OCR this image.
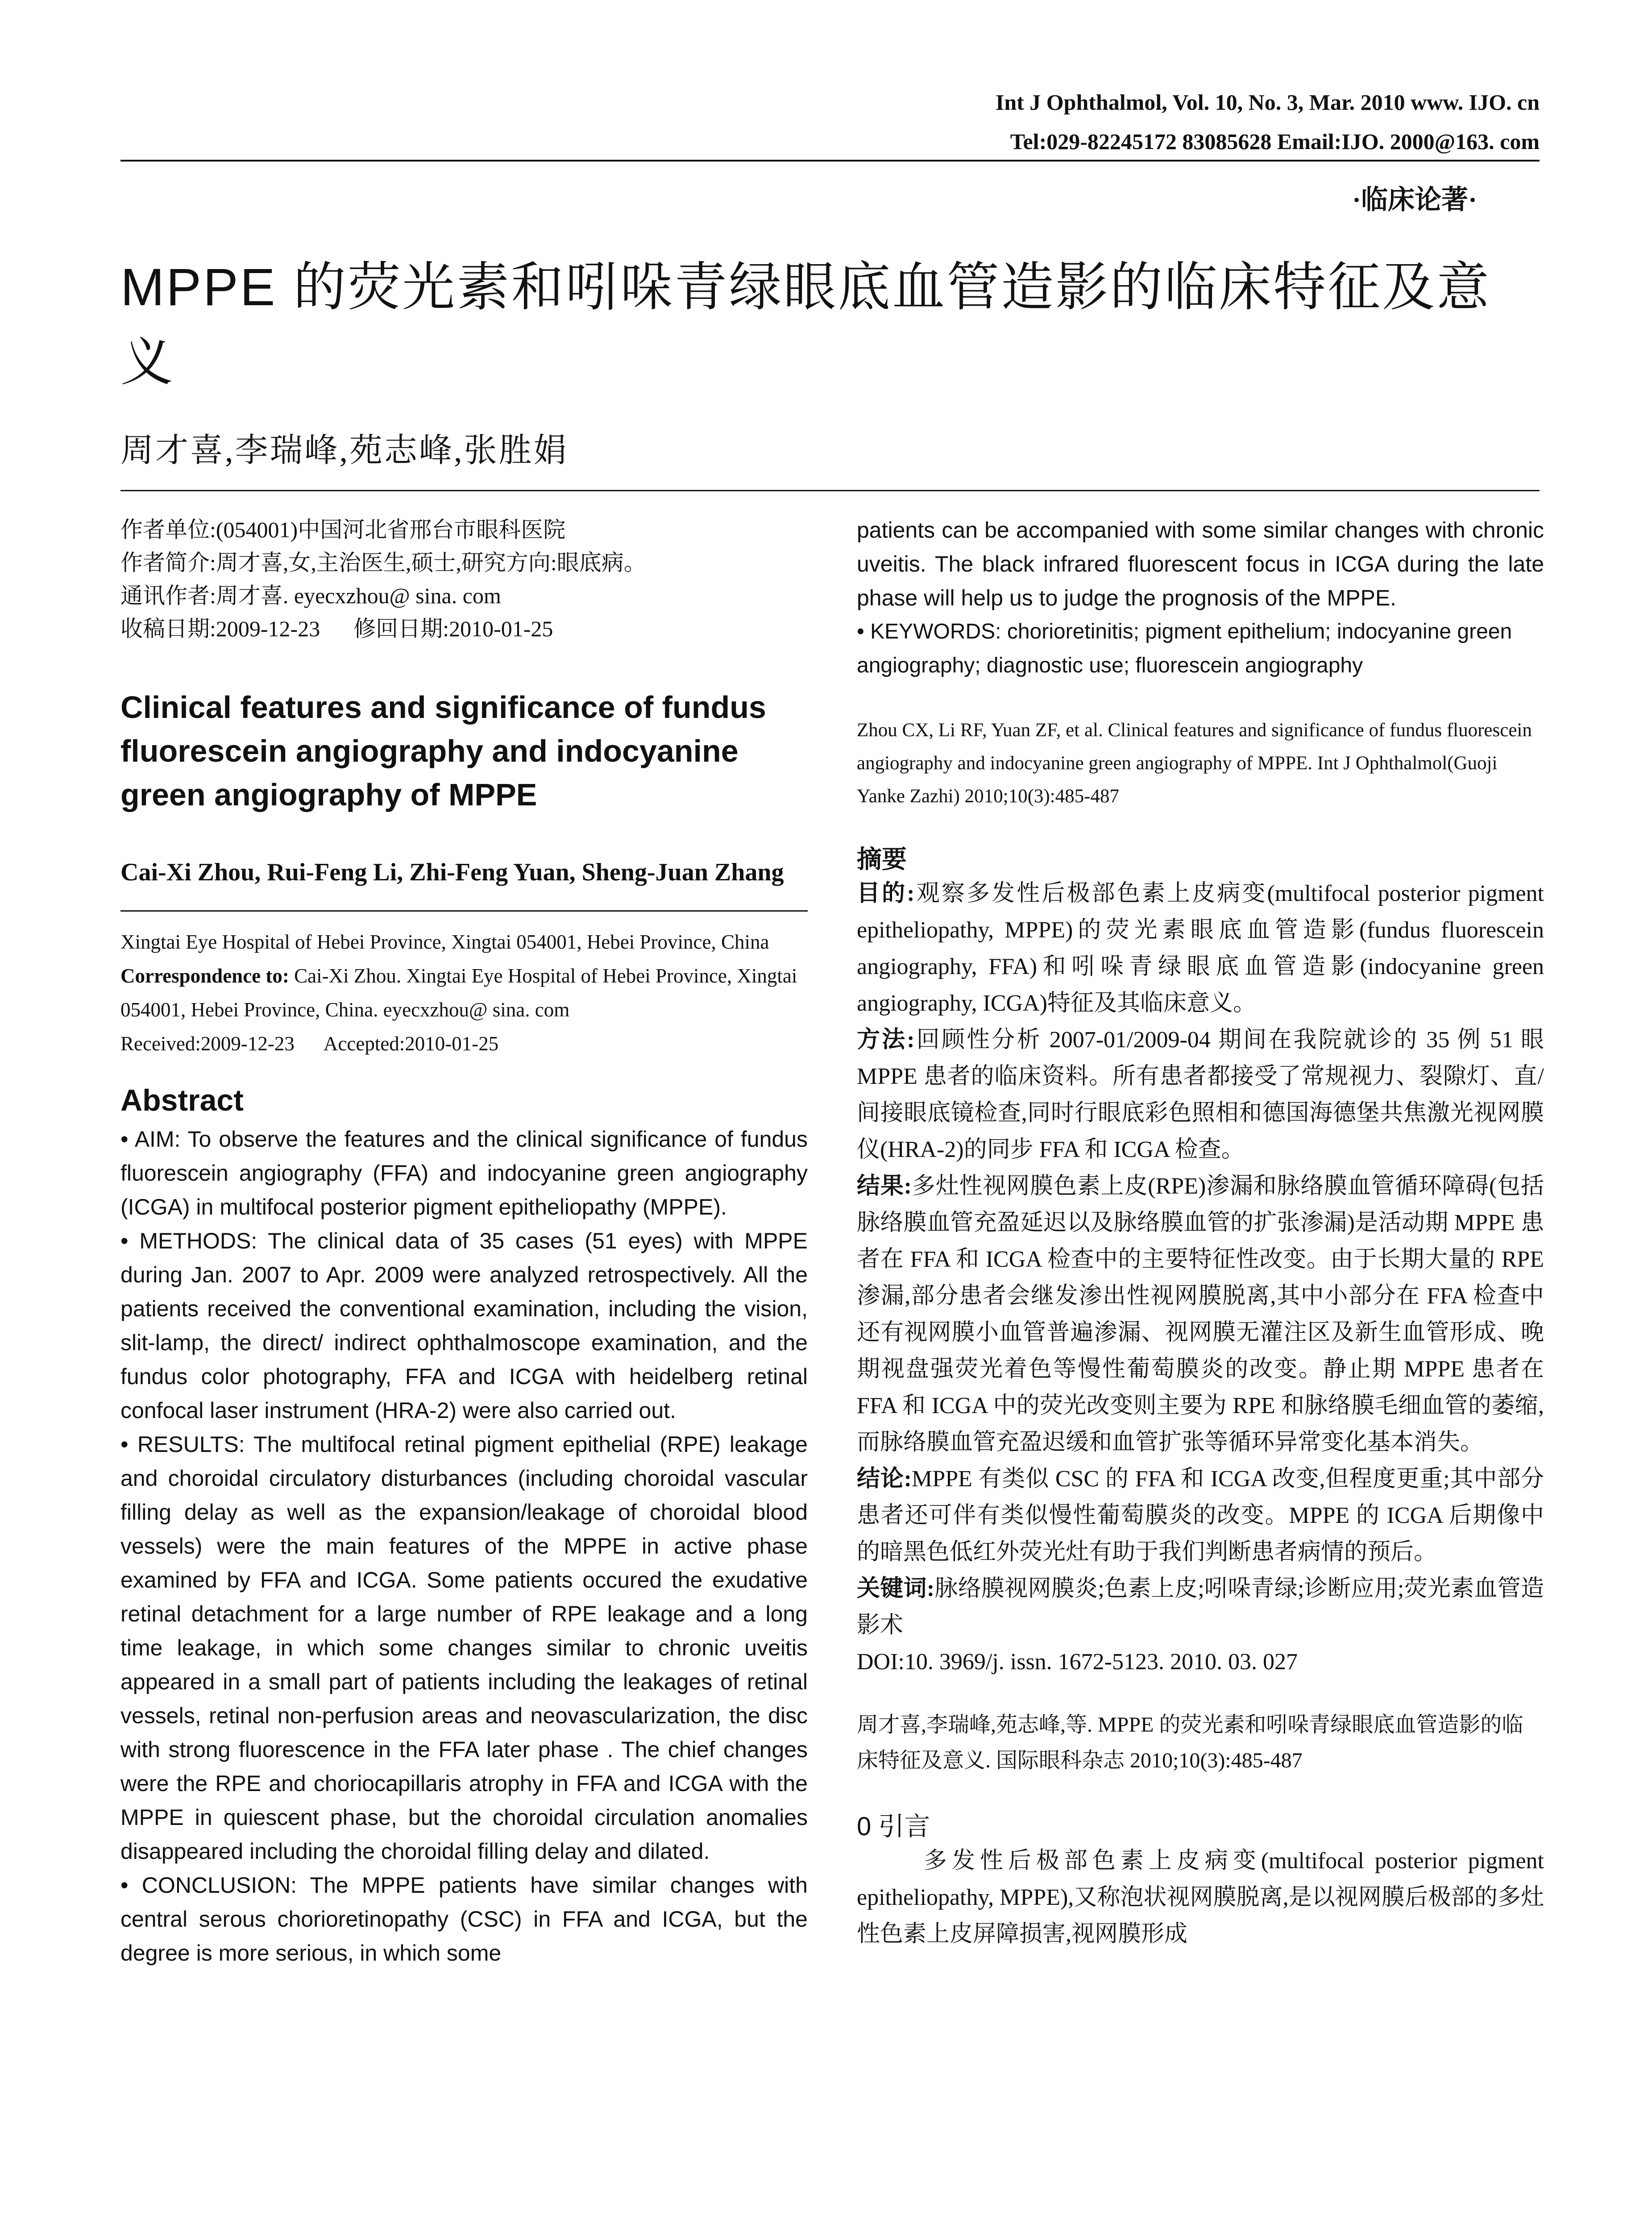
Int J Ophthalmol, Vol. 10, No. 3, Mar. 2010 www. IJO. cn
Tel:029-82245172 83085628 Email:IJO. 2000@163. com
·临床论著·
MPPE 的荧光素和吲哚青绿眼底血管造影的临床特征及意义
周才喜,李瑞峰,苑志峰,张胜娟
作者单位:(054001)中国河北省邢台市眼科医院
作者简介:周才喜,女,主治医生,硕士,研究方向:眼底病。
通讯作者:周才喜. eyecxzhou@ sina. com
收稿日期:2009-12-23      修回日期:2010-01-25
Clinical features and significance of fundus fluorescein angiography and indocyanine green angiography of MPPE
Cai-Xi Zhou, Rui-Feng Li, Zhi-Feng Yuan, Sheng-Juan Zhang
Xingtai Eye Hospital of Hebei Province, Xingtai 054001, Hebei Province, China
Correspondence to: Cai-Xi Zhou. Xingtai Eye Hospital of Hebei Province, Xingtai 054001, Hebei Province, China. eyecxzhou@ sina. com
Received:2009-12-23      Accepted:2010-01-25
Abstract
• AIM: To observe the features and the clinical significance of fundus fluorescein angiography (FFA) and indocyanine green angiography (ICGA) in multifocal posterior pigment epitheliopathy (MPPE).
• METHODS: The clinical data of 35 cases (51 eyes) with MPPE during Jan. 2007 to Apr. 2009 were analyzed retrospectively. All the patients received the conventional examination, including the vision, slit-lamp, the direct/ indirect ophthalmoscope examination, and the fundus color photography, FFA and ICGA with heidelberg retinal confocal laser instrument (HRA-2) were also carried out.
• RESULTS: The multifocal retinal pigment epithelial (RPE) leakage and choroidal circulatory disturbances (including choroidal vascular filling delay as well as the expansion/leakage of choroidal blood vessels) were the main features of the MPPE in active phase examined by FFA and ICGA. Some patients occured the exudative retinal detachment for a large number of RPE leakage and a long time leakage, in which some changes similar to chronic uveitis appeared in a small part of patients including the leakages of retinal vessels, retinal non-perfusion areas and neovascularization, the disc with strong fluorescence in the FFA later phase . The chief changes were the RPE and choriocapillaris atrophy in FFA and ICGA with the MPPE in quiescent phase, but the choroidal circulation anomalies disappeared including the choroidal filling delay and dilated.
• CONCLUSION: The MPPE patients have similar changes with central serous chorioretinopathy (CSC) in FFA and ICGA, but the degree is more serious, in which some
patients can be accompanied with some similar changes with chronic uveitis. The black infrared fluorescent focus in ICGA during the late phase will help us to judge the prognosis of the MPPE.
• KEYWORDS: chorioretinitis; pigment epithelium; indocyanine green angiography; diagnostic use; fluorescein angiography
Zhou CX, Li RF, Yuan ZF, et al. Clinical features and significance of fundus fluorescein angiography and indocyanine green angiography of MPPE. Int J Ophthalmol(Guoji Yanke Zazhi) 2010;10(3):485-487
摘要
目的:观察多发性后极部色素上皮病变(multifocal posterior pigment epitheliopathy, MPPE)的荧光素眼底血管造影(fundus fluorescein angiography, FFA)和吲哚青绿眼底血管造影(indocyanine green angiography, ICGA)特征及其临床意义。
方法:回顾性分析 2007-01/2009-04 期间在我院就诊的 35 例 51 眼 MPPE 患者的临床资料。所有患者都接受了常规视力、裂隙灯、直/间接眼底镜检查,同时行眼底彩色照相和德国海德堡共焦激光视网膜仪(HRA-2)的同步 FFA 和 ICGA 检查。
结果:多灶性视网膜色素上皮(RPE)渗漏和脉络膜血管循环障碍(包括脉络膜血管充盈延迟以及脉络膜血管的扩张渗漏)是活动期 MPPE 患者在 FFA 和 ICGA 检查中的主要特征性改变。由于长期大量的 RPE 渗漏,部分患者会继发渗出性视网膜脱离,其中小部分在 FFA 检查中还有视网膜小血管普遍渗漏、视网膜无灌注区及新生血管形成、晚期视盘强荧光着色等慢性葡萄膜炎的改变。静止期 MPPE 患者在 FFA 和 ICGA 中的荧光改变则主要为 RPE 和脉络膜毛细血管的萎缩,而脉络膜血管充盈迟缓和血管扩张等循环异常变化基本消失。
结论:MPPE 有类似 CSC 的 FFA 和 ICGA 改变,但程度更重;其中部分患者还可伴有类似慢性葡萄膜炎的改变。MPPE 的 ICGA 后期像中的暗黑色低红外荧光灶有助于我们判断患者病情的预后。
关键词:脉络膜视网膜炎;色素上皮;吲哚青绿;诊断应用;荧光素血管造影术
DOI:10. 3969/j. issn. 1672-5123. 2010. 03. 027
周才喜,李瑞峰,苑志峰,等. MPPE 的荧光素和吲哚青绿眼底血管造影的临床特征及意义. 国际眼科杂志 2010;10(3):485-487
0 引言
多发性后极部色素上皮病变(multifocal posterior pigment epitheliopathy, MPPE),又称泡状视网膜脱离,是以视网膜后极部的多灶性色素上皮屏障损害,视网膜形成
